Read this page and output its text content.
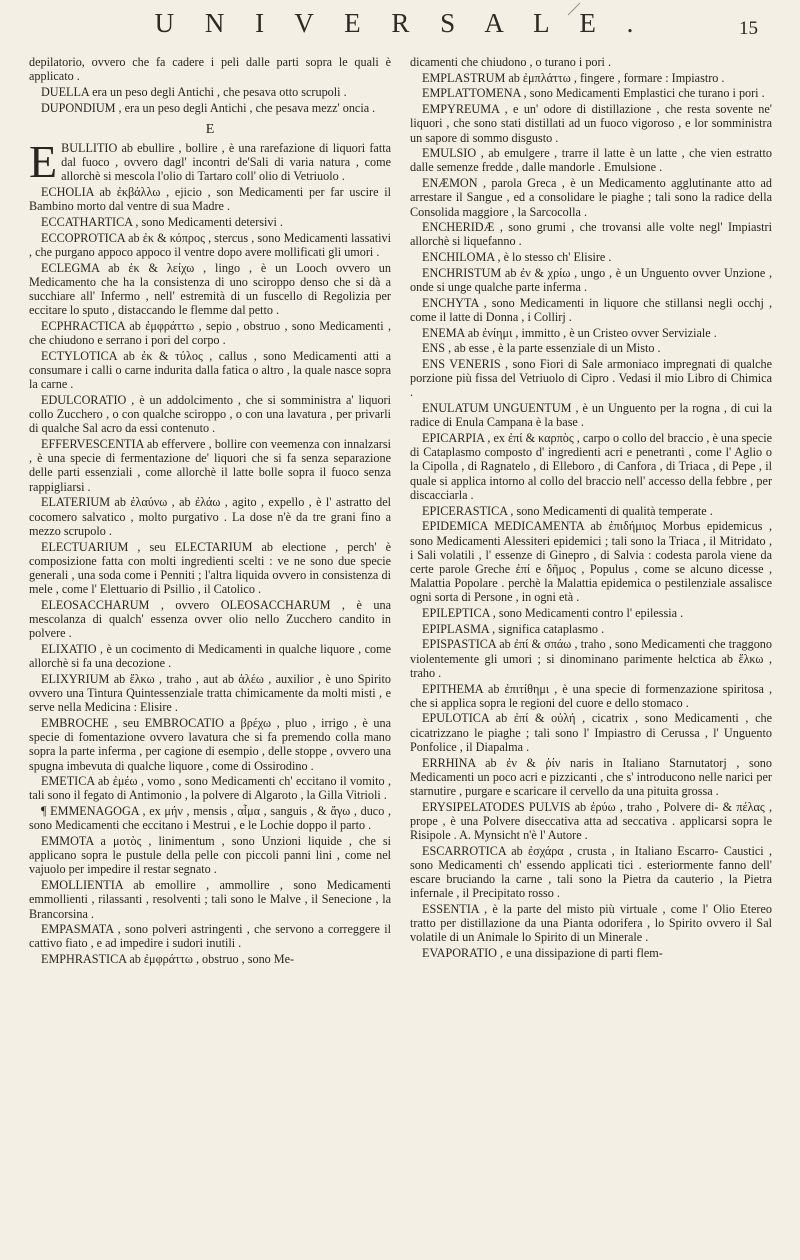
U N I V E R S A L E .	15

depilatorio, ovvero che fa cadere i peli dalle parti sopra le quali è applicato .

DUELLA era un peso degli Antichi , che pesava otto scrupoli .

DUPONDIUM , era un peso degli Antichi , che pesava mezz' oncia .

E

EBULLITIO ab ebullire , bollire , è una rarefazione di liquori fatta dal fuoco , ovvero dagl' incontri de'Sali di varia natura , come allorchè si mescola l'olio di Tartaro coll' olio di Vetriuolo .

ECHOLIA ab ἐκβάλλω , ejicio , son Medicamenti per far uscire il Bambino morto dal ventre di sua Madre .

ECCATHARTICA , sono Medicamenti detersivi .

ECCOPROTICA ab ἐκ & κόπρος , stercus , sono Medicamenti lassativi , che purgano appoco appoco il ventre dopo avere mollificati gli umori .

ECLEGMA ab ἐκ & λείχω , lingo , è un Looch ovvero un Medicamento che ha la consistenza di uno sciroppo denso che si dà a succhiare all' Infermo , nell' estremità di un fuscello di Regolizia per eccitare lo sputo , distaccando le flemme dal petto .

ECPHRACTICA ab ἐμφράττω , sepio , obstruo , sono Medicamenti , che chiudono e serrano i pori del corpo .

ECTYLOTICA ab ἐκ & τύλος , callus , sono Medicamenti atti a consumare i calli o carne indurita dalla fatica o altro , la quale nasce sopra la carne .

EDULCORATIO , è un addolcimento , che si somministra a' liquori collo Zucchero , o con qualche sciroppo , o con una lavatura , per privarli di qualche Sal acro da essi contenuto .

EFFERVESCENTIA ab effervere , bollire con veemenza con innalzarsi , è una specie di fermentazione de' liquori che si fa senza separazione delle parti essenziali , come allorchè il latte bolle sopra il fuoco senza rappigliarsi .

ELATERIUM ab ἐλαύνω , ab ἐλάω , agito , expello , è l' astratto del cocomero salvatico , molto purgativo . La dose n'è da tre grani fino a mezzo scrupolo .

ELECTUARIUM , seu ELECTARIUM ab electione , perch' è composizione fatta con molti ingredienti scelti : ve ne sono due specie generali , una soda come i Penniti ; l'altra liquida ovvero in consistenza di mele , come l' Elettuario di Psillio , il Catolico .

ELEOSACCHARUM , ovvero OLEOSACCHARUM , è una mescolanza di qualch' essenza ovver olio nello Zucchero candito in polvere .

ELIXATIO , è un cocimento di Medicamenti in qualche liquore , come allorchè si fa una decozione .

ELIXYRIUM ab ἕλκω , traho , aut ab ἀλέω , auxilior , è uno Spirito ovvero una Tintura Quintessenziale tratta chimicamente da molti misti , e serve nella Medicina : Elisire .

EMBROCHE , seu EMBROCATIO a βρέχω , pluo , irrigo , è una specie di fomentazione ovvero lavatura che si fa premendo colla mano sopra la parte inferma , per cagione di esempio , delle stoppe , ovvero una spugna imbevuta di qualche liquore , come di Ossirodino .

EMETICA ab ἐμέω , vomo , sono Medicamenti ch' eccitano il vomito , tali sono il fegato di Antimonio , la polvere di Algaroto , la Gilla Vitrioli .

¶ EMMENAGOGA , ex μήν , mensis , αἷμα , sanguis , & ἄγω , duco , sono Medicamenti che eccitano i Mestrui , e le Lochie doppo il parto .

EMMOTA a μοτὸς , linimentum , sono Unzioni liquide , che si applicano sopra le pustule della pelle con piccoli panni lini , come nel vajuolo per impedire il restar segnato .

EMOLLIENTIA ab emollire , ammollire , sono Medicamenti emmollienti , rilassanti , resolventi ; tali sono le Malve , il Senecione , la Brancorsina .

EMPASMATA , sono polveri astringenti , che servono a correggere il cattivo fiato , e ad impedire i sudori inutili .

EMPHRASTICA ab ἐμφράττω , obstruo , sono Me-

dicamenti che chiudono , o turano i pori .

EMPLASTRUM ab ἐμπλάττω , fingere , formare : Impiastro .

EMPLATTOMENA , sono Medicamenti Emplastici che turano i pori .

EMPYREUMA , e un' odore di distillazione , che resta sovente ne' liquori , che sono stati distillati ad un fuoco vigoroso , e lor somministra un sapore di sommo disgusto .

EMULSIO , ab emulgere , trarre il latte è un latte , che vien estratto dalle semenze fredde , dalle mandorle . Emulsione .

ENÆMON , parola Greca , è un Medicamento agglutinante atto ad arrestare il Sangue , ed a consolidare le piaghe ; tali sono la radice della Consolida maggiore , la Sarcocolla .

ENCHERIDÆ , sono grumi , che trovansi alle volte negl' Impiastri allorchè si liquefanno .

ENCHILOMA , è lo stesso ch' Elisire .

ENCHRISTUM ab ἐν & χρίω , ungo , è un Unguento ovver Unzione , onde si unge qualche parte inferma .

ENCHYTA , sono Medicamenti in liquore che stillansi negli occhj , come il latte di Donna , i Collirj .

ENEMA ab ἐνίημι , immitto , è un Cristeo ovver Serviziale .

ENS , ab esse , è la parte essenziale di un Misto .

ENS VENERIS , sono Fiori di Sale armoniaco impregnati di qualche porzione più fissa del Vetriuolo di Cipro . Vedasi il mio Libro di Chimica .

ENULATUM UNGUENTUM , è un Unguento per la rogna , di cui la radice di Enula Campana è la base .

EPICARPIA , ex ἐπί & καρπὸς , carpo o collo del braccio , è una specie di Cataplasmo composto d' ingredienti acri e penetranti , come l' Aglio o la Cipolla , di Ragnatelo , di Elleboro , di Canfora , di Triaca , di Pepe , il quale si applica intorno al collo del braccio nell' accesso della febbre , per discacciarla .

EPICERASTICA , sono Medicamenti di qualità temperate .

EPIDEMICA MEDICAMENTA ab ἐπιδήμιος Morbus epidemicus , sono Medicamenti Alessiteri epidemici ; tali sono la Triaca , il Mitridato , i Sali volatili , l' essenze di Ginepro , di Salvia : codesta parola viene da certe parole Greche ἐπί e δῆμος , Populus , come se alcuno dicesse , Malattia Popolare . perchè la Malattia epidemica o pestilenziale assalisce ogni sorta di Persone , in ogni età .

EPILEPTICA , sono Medicamenti contro l' epilessia .

EPIPLASMA , significa cataplasmo .

EPISPASTICA ab ἐπί & σπάω , traho , sono Medicamenti che traggono violentemente gli umori ; si dinominano parimente helctica ab ἕλκω , traho .

EPITHEMA ab ἐπιτίθημι , è una specie di formenzazione spiritosa , che si applica sopra le regioni del cuore e dello stomaco .

EPULOTICA ab ἐπί & οὐλή , cicatrix , sono Medicamenti , che cicatrizzano le piaghe ; tali sono l' Impiastro di Cerussa , l' Unguento Ponfolice , il Diapalma .

ERRHINA ab ἐν & ῥίν naris in Italiano Starnutatorj , sono Medicamenti un poco acri e pizzicanti , che s' introducono nelle narici per starnutire , purgare e scaricare il cervello da una pituita grossa .

ERYSIPELATODES PULVIS ab ἐρύω , traho , Polvere di- & πέλας , prope , è una Polvere diseccativa atta ad seccativa . applicarsi sopra le Risipole . A. Mynsicht n'è l' Autore .

ESCARROTICA ab ἐσχάρα , crusta , in Italiano Escarro- Caustici , sono Medicamenti ch' essendo applicati tici . esteriormente fanno dell' escare bruciando la carne , tali sono la Pietra da cauterio , la Pietra infernale , il Precipitato rosso .

ESSENTIA , è la parte del misto più virtuale , come l' Olio Etereo tratto per distillazione da una Pianta odorifera , lo Spirito ovvero il Sal volatile di un Animale lo Spirito di un Minerale .

EVAPORATIO , e una dissipazione di parti flem-
